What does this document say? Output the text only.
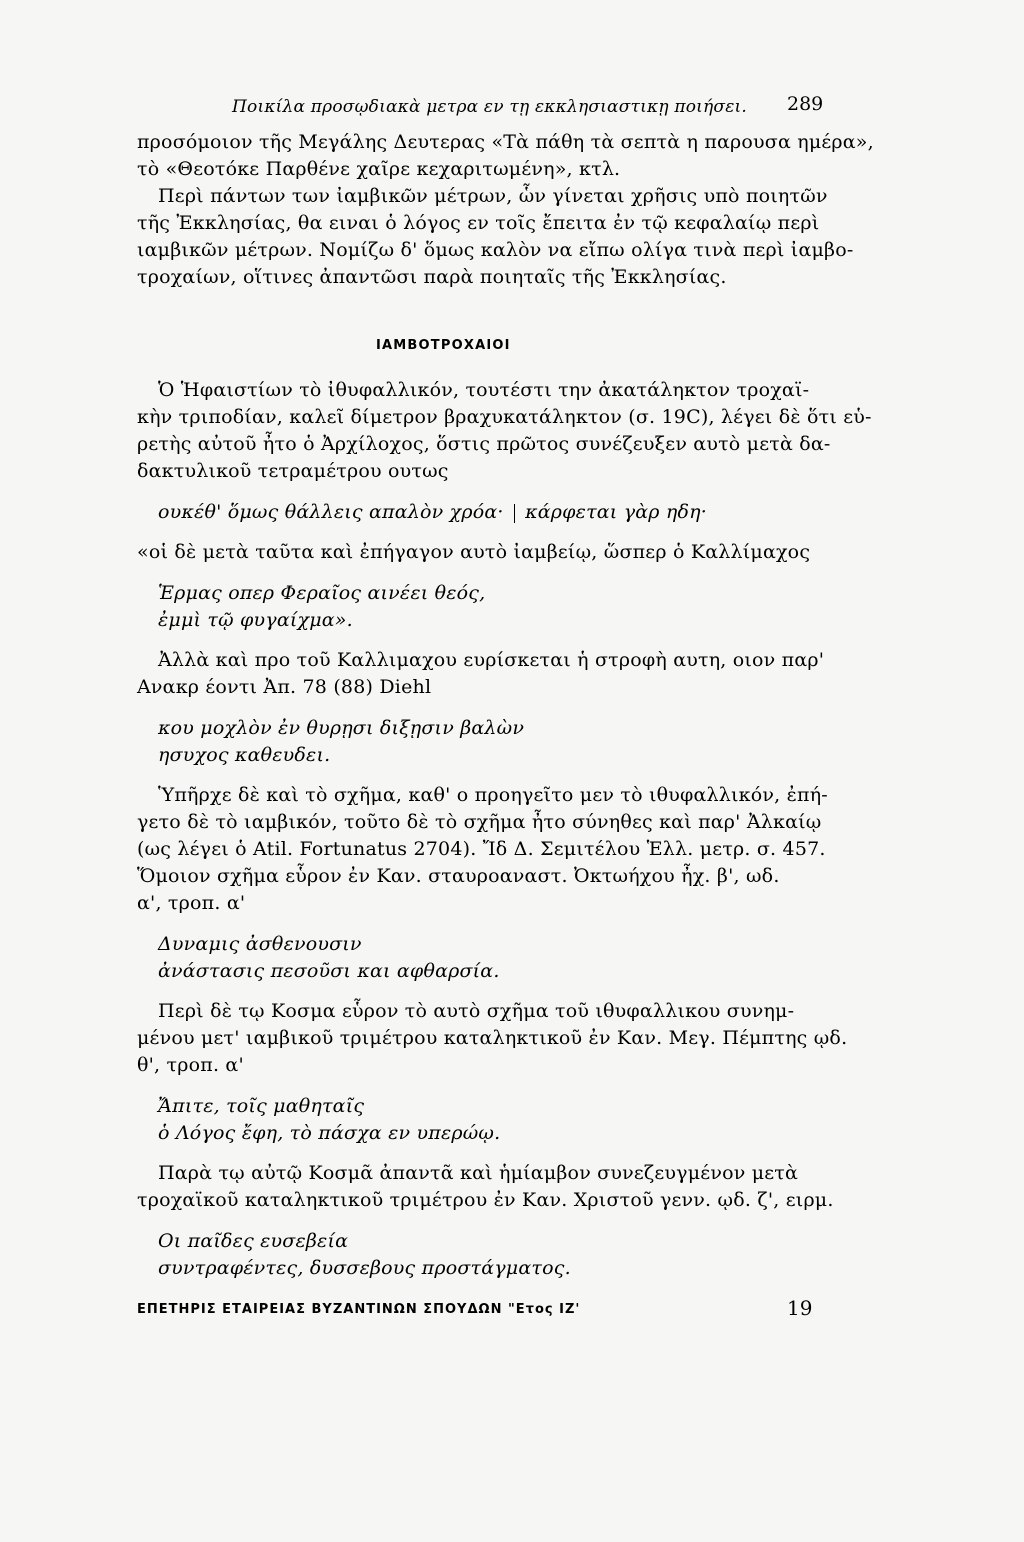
Ποικίλα προσῳδιακὰ μετρα εν τῃ εκκλησιαστικῃ ποιήσει. 289
προσόμοιον τῆς Μεγάλης Δευτερας «Τὰ πάθη τὰ σεπτὰ η παρουσα ημέρα»,
τὸ «Θεοτόκε Παρθένε χαῖρε κεχαριτωμένη», κτλ.
Περὶ πάντων των ἰαμβικῶν μέτρων, ὧν γίνεται χρῆσις υπὸ ποιητῶν
τῆς Ἐκκλησίας, θα ειναι ὁ λόγος εν τοῖς ἔπειτα ἐν τῷ κεφαλαίῳ περὶ
ιαμβικῶν μέτρων. Νομίζω δ' ὅμως καλὸν να εἴπω ολίγα τινὰ περὶ ἰαμβο-
τροχαίων, οἵτινες ἀπαντῶσι παρὰ ποιηταῖς τῆς Ἐκκλησίας.
ΙΑΜΒΟΤΡΟΧΑΙΟΙ
Ὁ Ἡφαιστίων τὸ ἰθυφαλλικόν, τουτέστι την ἀκατάληκτον τροχαϊ-
κὴν τριποδίαν, καλεῖ δίμετρον βραχυκατάληκτον (σ. 19C), λέγει δὲ ὅτι εὑ-
ρετὴς αὐτοῦ ἦτο ὁ Ἀρχίλοχος, ὅστις πρῶτος συνέζευξεν αυτὸ μετὰ δα-
δακτυλικοῦ τετραμέτρου ουτως
ουκέθ' ὅμως θάλλεις απαλὸν χρόα· κάρφεται γὰρ ηδη·
«οἱ δὲ μετὰ ταῦτα καὶ ἐπήγαγον αυτὸ ἰαμβείῳ, ὥσπερ ὁ Καλλίμαχος
Ἑρμας οπερ Φεραῖος αινέει θεός,
ἐμμὶ τῷ φυγαίχμα».
Ἀλλὰ καὶ προ τοῦ Καλλιμαχου ευρίσκεται ἡ στροφὴ αυτη, οιον παρ'
Ανακρ έοντι Ἀπ. 78 (88) Diehl
κου μοχλὸν ἐν θυρῃσι διξῃσιν βαλὼν
ησυχος καθευδει.
Ὑπῆρχε δὲ καὶ τὸ σχῆμα, καθ' ο προηγεῖτο μεν τὸ ιθυφαλλικόν, ἐπή-
γετο δὲ τὸ ιαμβικόν, τοῦτο δὲ τὸ σχῆμα ἦτο σύνηθες καὶ παρ' Ἀλκαίῳ
(ως λέγει ὁ Atil. Fortunatus 2704). Ἴδ Δ. Σεμιτέλου Ἑλλ. μετρ. σ. 457.
Ὅμοιον σχῆμα εὗρον ἐν Καν. σταυροαναστ. Ὀκτωήχου ἦχ. β', ωδ.
α', τροπ. α'
Δυναμις ἀσθενουσιν
ἀνάστασις πεσοῦσι και αφθαρσία.
Περὶ δὲ τῳ Κοσμα εὗρον τὸ αυτὸ σχῆμα τοῦ ιθυφαλλικου συνημ-
μένου μετ' ιαμβικοῦ τριμέτρου καταληκτικοῦ ἐν Καν. Μεγ. Πέμπτης ῳδ.
θ', τροπ. α'
Ἄπιτε, τοῖς μαθηταῖς
ὁ Λόγος ἔφη, τὸ πάσχα εν υπερώῳ.
Παρὰ τῳ αὐτῷ Κοσμᾶ ἀπαντᾶ καὶ ἡμίαμβον συνεζευγμένον μετὰ
τροχαϊκοῦ καταληκτικοῦ τριμέτρου ἐν Καν. Χριστοῦ γενν. ῳδ. ζ', ειρμ.
Οι παῖδες ευσεβεία
συντραφέντες, δυσσεβους προστάγματος.
ΕΠΕΤΗΡΙΣ ΕΤΑΙΡΕΙΑΣ ΒΥΖΑΝΤΙΝΩΝ ΣΠΟΥΔΩΝ "Ετος ΙΖ'	19
